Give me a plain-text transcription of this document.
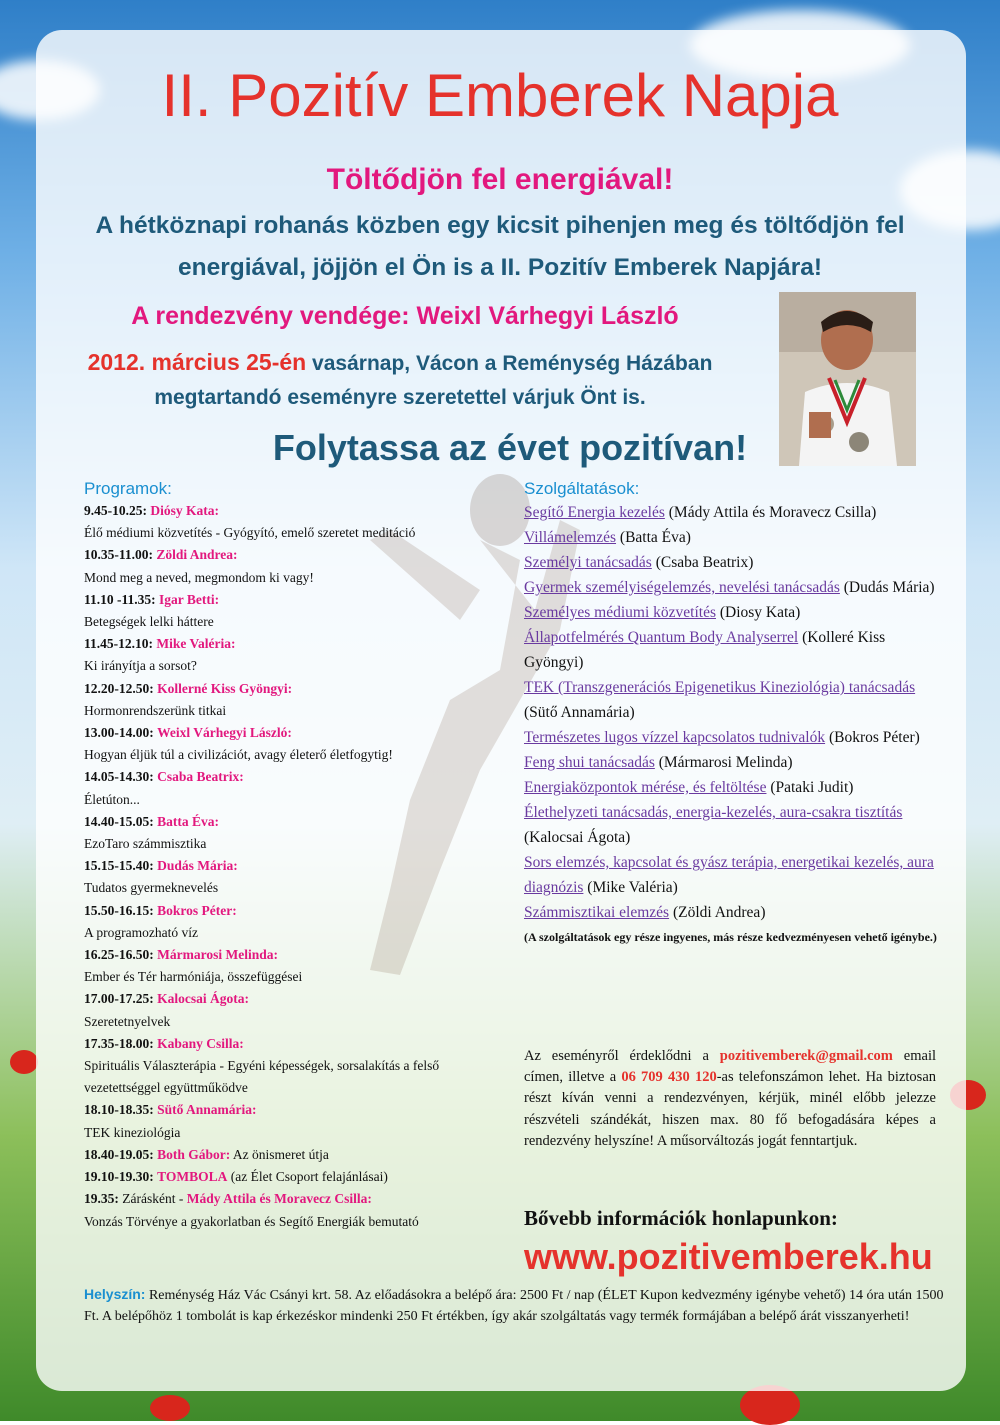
II. Pozitív Emberek Napja
Töltődjön fel energiával!
A hétköznapi rohanás közben egy kicsit pihenjen meg és töltődjön fel energiával, jöjjön el Ön is a II. Pozitív Emberek Napjára!
A rendezvény vendége: Weixl Várhegyi László
2012. március 25-én vasárnap, Vácon a Reménység Házában megtartandó eseményre szeretettel várjuk Önt is.
Folytassa az évet pozitívan!
Programok:
9.45-10.25: Diósy Kata:
Élő médiumi közvetítés - Gyógyító, emelő szeretet meditáció
10.35-11.00: Zöldi Andrea:
Mond meg a neved, megmondom ki vagy!
11.10 -11.35: Igar Betti:
Betegségek lelki háttere
11.45-12.10: Mike Valéria:
Ki irányítja a sorsot?
12.20-12.50: Kollerné Kiss Gyöngyi:
Hormonrendszerünk titkai
13.00-14.00: Weixl Várhegyi László:
Hogyan éljük túl a civilizációt, avagy életerő életfogytig!
14.05-14.30: Csaba Beatrix:
Életúton...
14.40-15.05: Batta Éva:
EzoTaro számmisztika
15.15-15.40: Dudás Mária:
Tudatos gyermeknevelés
15.50-16.15: Bokros Péter:
A programozható víz
16.25-16.50: Mármarosi Melinda:
Ember és Tér harmóniája, összefüggései
17.00-17.25: Kalocsai Ágota:
Szeretetnyelvek
17.35-18.00: Kabany Csilla:
Spirituális Választerápia - Egyéni képességek, sorsalakítás a felső vezetettséggel együttműködve
18.10-18.35: Sütő Annamária:
TEK kineziológia
18.40-19.05: Both Gábor: Az önismeret útja
19.10-19.30: TOMBOLA (az Élet Csoport felajánlásai)
19.35: Zárásként - Mády Attila és Moravecz Csilla:
Vonzás Törvénye a gyakorlatban és Segítő Energiák bemutató
Szolgáltatások:
Segítő Energia kezelés (Mády Attila és Moravecz Csilla)
Villámelemzés (Batta Éva)
Személyi tanácsadás (Csaba Beatrix)
Gyermek személyiségelemzés, nevelési tanácsadás (Dudás Mária)
Személyes médiumi közvetítés (Diosy Kata)
Állapotfelmérés Quantum Body Analyserrel (Kolleré Kiss Gyöngyi)
TEK (Transzgenerációs Epigenetikus Kineziológia) tanácsadás (Sütő Annamária)
Természetes lugos vízzel kapcsolatos tudnivalók (Bokros Péter)
Feng shui tanácsadás (Mármarosi Melinda)
Energiaközpontok mérése, és feltöltése (Pataki Judit)
Élethelyzeti tanácsadás, energia-kezelés, aura-csakra tisztítás (Kalocsai Ágota)
Sors elemzés, kapcsolat és gyász terápia, energetikai kezelés, aura diagnózis (Mike Valéria)
Számmisztikai elemzés (Zöldi Andrea)
(A szolgáltatások egy része ingyenes, más része kedvezményesen vehető igénybe.)
Az eseményről érdeklődni a pozitivemberek@gmail.com email címen, illetve a 06 709 430 120-as telefonszámon lehet. Ha biztosan részt kíván venni a rendezvényen, kérjük, minél előbb jelezze részvételi szándékát, hiszen max. 80 fő befogadására képes a rendezvény helyszíne! A műsorváltozás jogát fenntartjuk.
Bővebb információk honlapunkon:
www.pozitivemberek.hu
Helyszín: Reménység Ház Vác Csányi krt. 58. Az előadásokra a belépő ára: 2500 Ft / nap (ÉLET Kupon kedvezmény igénybe vehető) 14 óra után 1500 Ft. A belépőhöz 1 tombolát is kap érkezéskor mindenki 250 Ft értékben, így akár szolgáltatás vagy termék formájában a belépő árát visszanyerheti!
